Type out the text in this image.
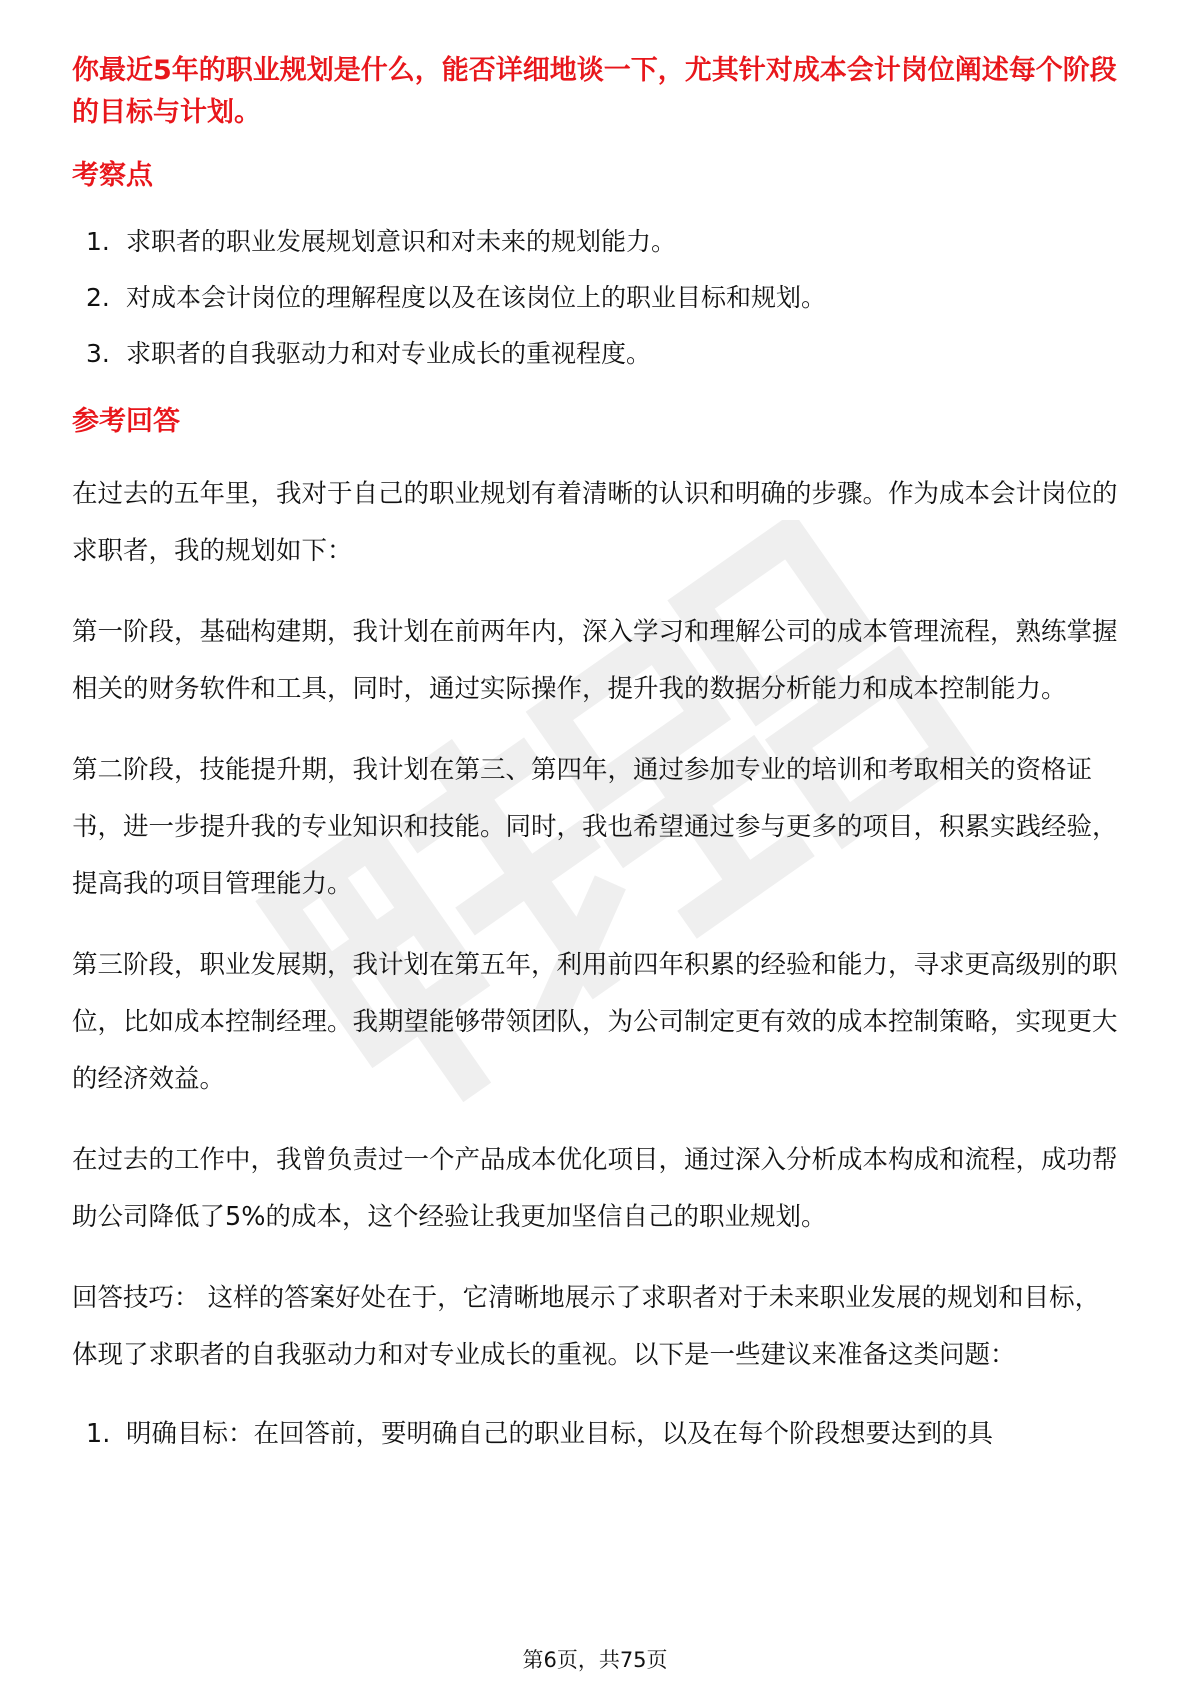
你最近5年的职业规划是什么，能否详细地谈一下，尤其针对成本会计岗位阐述每个阶段的目标与计划。

考察点
1. 求职者的职业发展规划意识和对未来的规划能力。
2. 对成本会计岗位的理解程度以及在该岗位上的职业目标和规划。
3. 求职者的自我驱动力和对专业成长的重视程度。
参考回答

在过去的五年里，我对于自己的职业规划有着清晰的认识和明确的步骤。作为成本会计岗位的求职者，我的规划如下：

第一阶段，基础构建期，我计划在前两年内，深入学习和理解公司的成本管理流程，熟练掌握相关的财务软件和工具，同时，通过实际操作，提升我的数据分析能力和成本控制能力。

第二阶段，技能提升期，我计划在第三、第四年，通过参加专业的培训和考取相关的资格证书，进一步提升我的专业知识和技能。同时，我也希望通过参与更多的项目，积累实践经验，提高我的项目管理能力。

第三阶段，职业发展期，我计划在第五年，利用前四年积累的经验和能力，寻求更高级别的职位，比如成本控制经理。我期望能够带领团队，为公司制定更有效的成本控制策略，实现更大的经济效益。

在过去的工作中，我曾负责过一个产品成本优化项目，通过深入分析成本构成和流程，成功帮助公司降低了5%的成本，这个经验让我更加坚信自己的职业规划。

回答技巧： 这样的答案好处在于，它清晰地展示了求职者对于未来职业发展的规划和目标，体现了求职者的自我驱动力和对专业成长的重视。以下是一些建议来准备这类问题：

1. 明确目标：在回答前，要明确自己的职业目标，以及在每个阶段想要达到的具
第6页，共75页
